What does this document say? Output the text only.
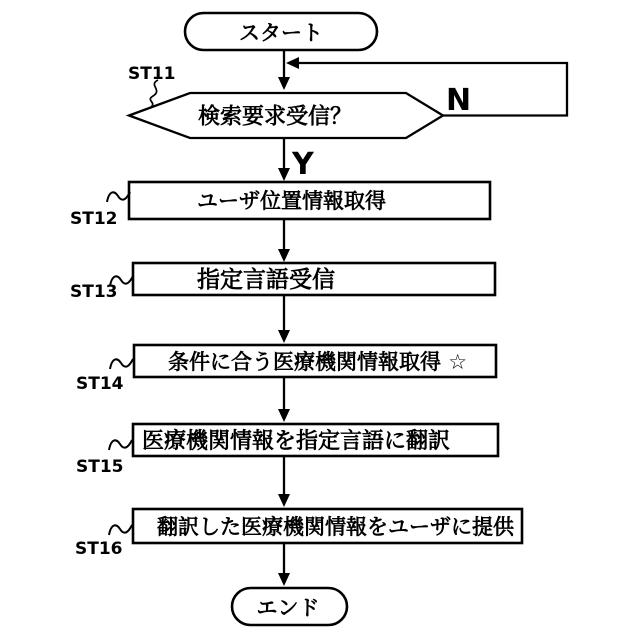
スタート
N
検索要求受信？
ST11
Y
ユーザ位置情報取得
ST12
指定言語受信
ST13
条件に合う医療機関情報取得 ☆
ST14
医療機関情報を指定言語に翻訳
ST15
翻訳した医療機関情報をユーザに提供
ST16
エンド
